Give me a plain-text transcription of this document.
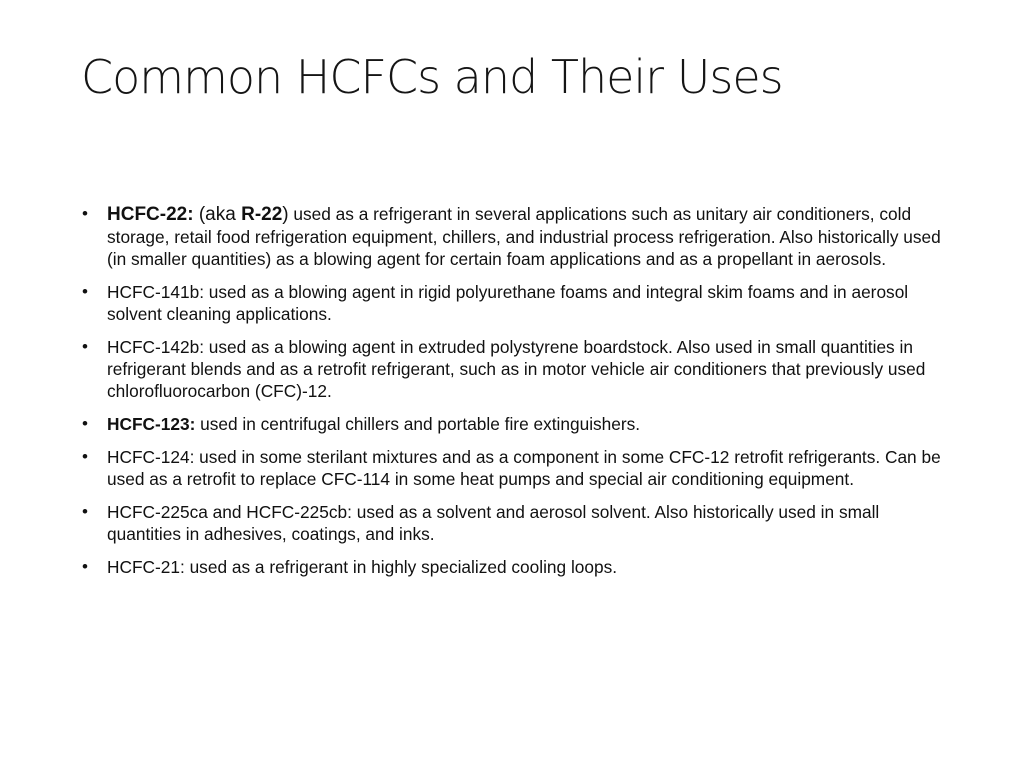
Common HCFCs and Their Uses
• HCFC-22: (aka R-22) used as a refrigerant in several applications such as unitary air conditioners, cold storage, retail food refrigeration equipment, chillers, and industrial process refrigeration. Also historically used (in smaller quantities) as a blowing agent for certain foam applications and as a propellant in aerosols.
• HCFC-141b: used as a blowing agent in rigid polyurethane foams and integral skim foams and in aerosol solvent cleaning applications.
• HCFC-142b: used as a blowing agent in extruded polystyrene boardstock. Also used in small quantities in refrigerant blends and as a retrofit refrigerant, such as in motor vehicle air conditioners that previously used chlorofluorocarbon (CFC)-12.
• HCFC-123: used in centrifugal chillers and portable fire extinguishers.
• HCFC-124: used in some sterilant mixtures and as a component in some CFC-12 retrofit refrigerants. Can be used as a retrofit to replace CFC-114 in some heat pumps and special air conditioning equipment.
• HCFC-225ca and HCFC-225cb: used as a solvent and aerosol solvent. Also historically used in small quantities in adhesives, coatings, and inks.
• HCFC-21: used as a refrigerant in highly specialized cooling loops.
